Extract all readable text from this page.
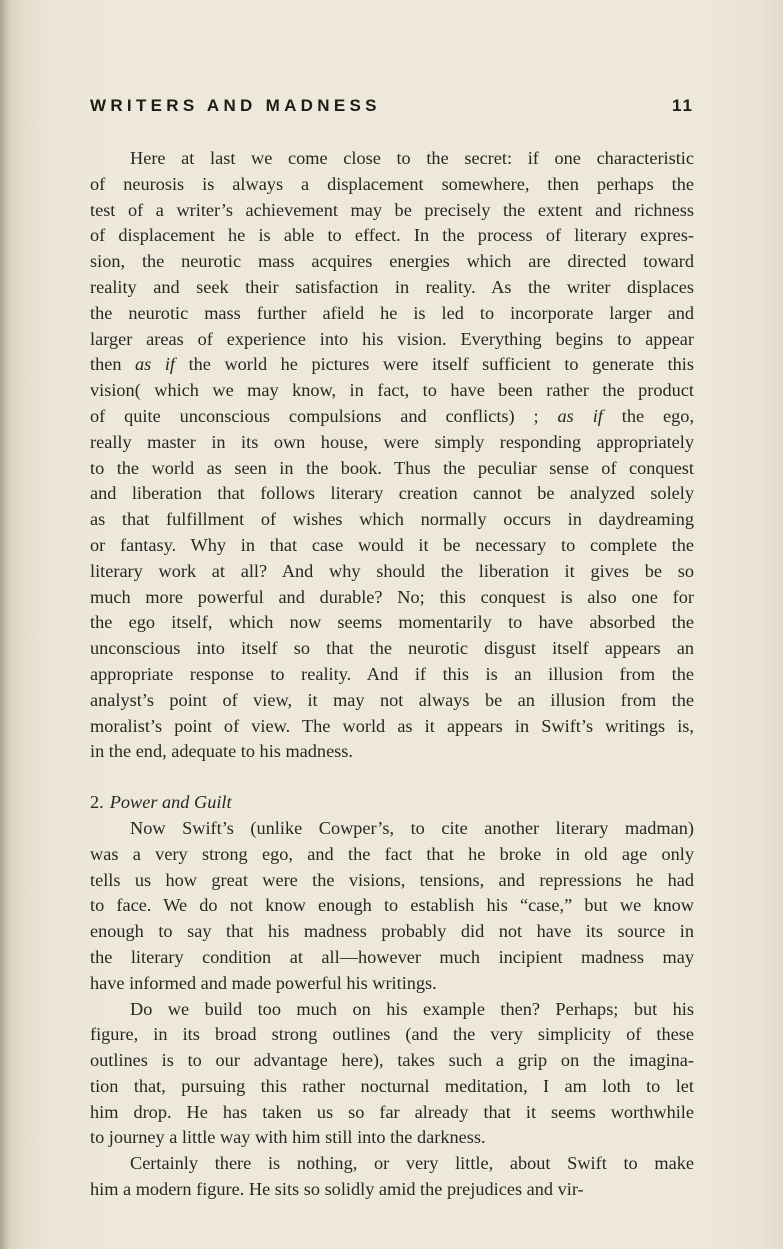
WRITERS AND MADNESS	11
Here at last we come close to the secret: if one characteristic
of neurosis is always a displacement somewhere, then perhaps the
test of a writer’s achievement may be precisely the extent and richness
of displacement he is able to effect. In the process of literary expres-
sion, the neurotic mass acquires energies which are directed toward
reality and seek their satisfaction in reality. As the writer displaces
the neurotic mass further afield he is led to incorporate larger and
larger areas of experience into his vision. Everything begins to appear
then as if the world he pictures were itself sufficient to generate this
vision( which we may know, in fact, to have been rather the product
of quite unconscious compulsions and conflicts) ; as if the ego,
really master in its own house, were simply responding appropriately
to the world as seen in the book. Thus the peculiar sense of conquest
and liberation that follows literary creation cannot be analyzed solely
as that fulfillment of wishes which normally occurs in daydreaming
or fantasy. Why in that case would it be necessary to complete the
literary work at all? And why should the liberation it gives be so
much more powerful and durable? No; this conquest is also one for
the ego itself, which now seems momentarily to have absorbed the
unconscious into itself so that the neurotic disgust itself appears an
appropriate response to reality. And if this is an illusion from the
analyst’s point of view, it may not always be an illusion from the
moralist’s point of view. The world as it appears in Swift’s writings is,
in the end, adequate to his madness.
2. Power and Guilt
Now Swift’s (unlike Cowper’s, to cite another literary madman)
was a very strong ego, and the fact that he broke in old age only
tells us how great were the visions, tensions, and repressions he had
to face. We do not know enough to establish his “case,” but we know
enough to say that his madness probably did not have its source in
the literary condition at all—however much incipient madness may
have informed and made powerful his writings.
Do we build too much on his example then? Perhaps; but his
figure, in its broad strong outlines (and the very simplicity of these
outlines is to our advantage here), takes such a grip on the imagina-
tion that, pursuing this rather nocturnal meditation, I am loth to let
him drop. He has taken us so far already that it seems worthwhile
to journey a little way with him still into the darkness.
Certainly there is nothing, or very little, about Swift to make
him a modern figure. He sits so solidly amid the prejudices and vir-
